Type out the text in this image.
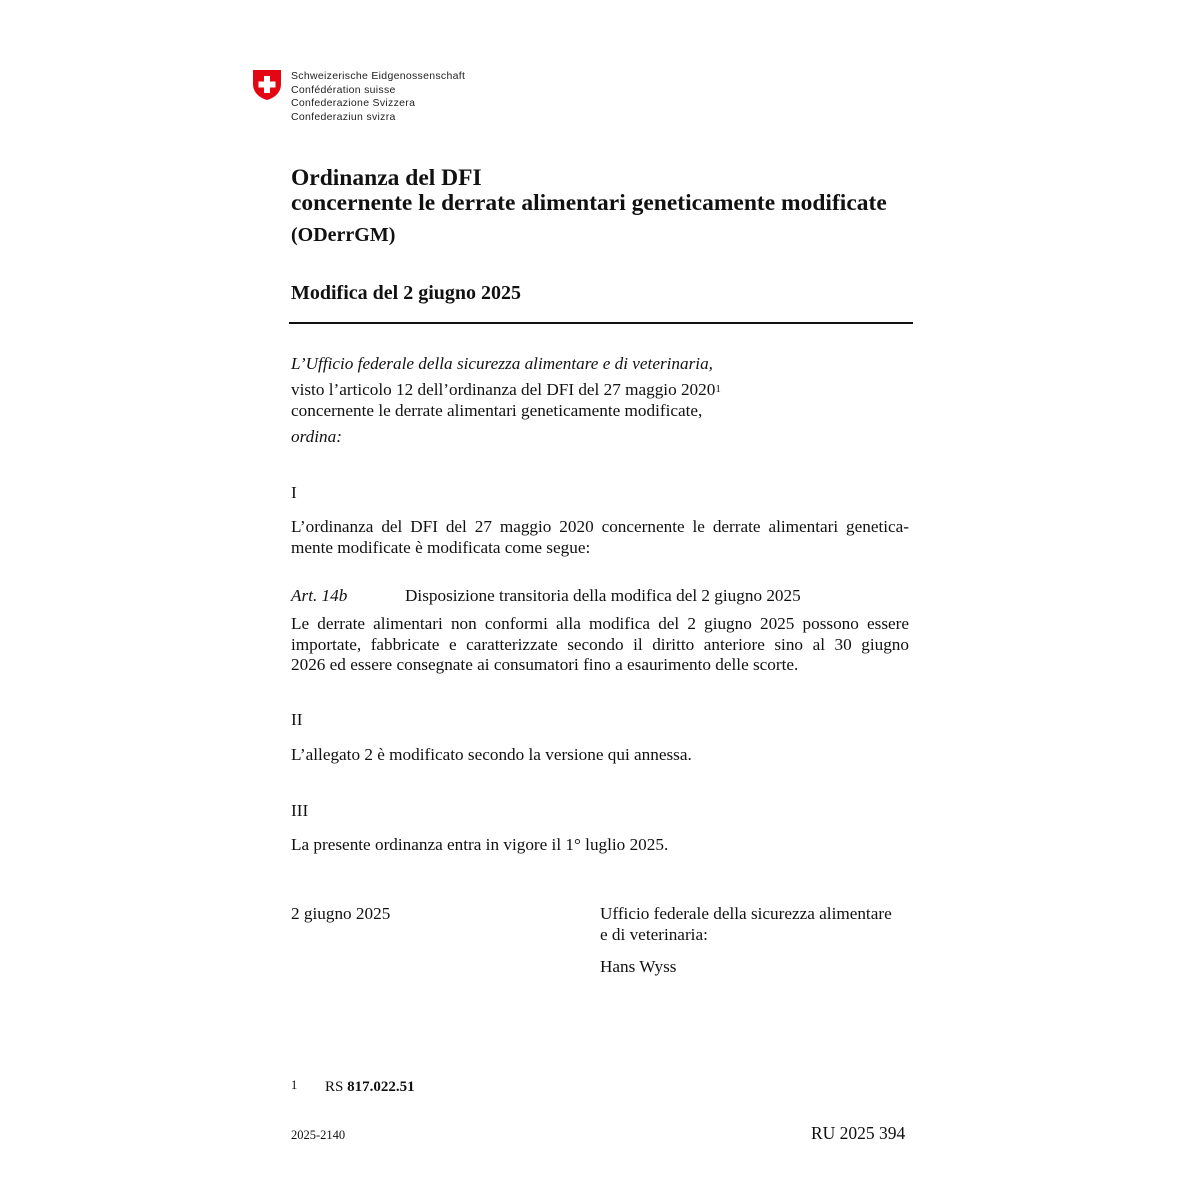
Schweizerische Eidgenossenschaft
Confédération suisse
Confederazione Svizzera
Confederaziun svizra
Ordinanza del DFI
concernente le derrate alimentari geneticamente modificate
(ODerrGM)
Modifica del 2 giugno 2025
L’Ufficio federale della sicurezza alimentare e di veterinaria,
visto l’articolo 12 dell’ordinanza del DFI del 27 maggio 2020$^1$
concernente le derrate alimentari geneticamente modificate,
ordina:
I
L’ordinanza del DFI del 27 maggio 2020 concernente le derrate alimentari genetica-
mente modificate è modificata come segue:
Art. 14b	Disposizione transitoria della modifica del 2 giugno 2025
Le derrate alimentari non conformi alla modifica del 2 giugno 2025 possono essere
importate, fabbricate e caratterizzate secondo il diritto anteriore sino al 30 giugno
2026 ed essere consegnate ai consumatori fino a esaurimento delle scorte.
II
L’allegato 2 è modificato secondo la versione qui annessa.
III
La presente ordinanza entra in vigore il 1° luglio 2025.
2 giugno 2025	Ufficio federale della sicurezza alimentare
e di veterinaria:
Hans Wyss
1 RS 817.022.51
2025-2140	RU 2025 394
